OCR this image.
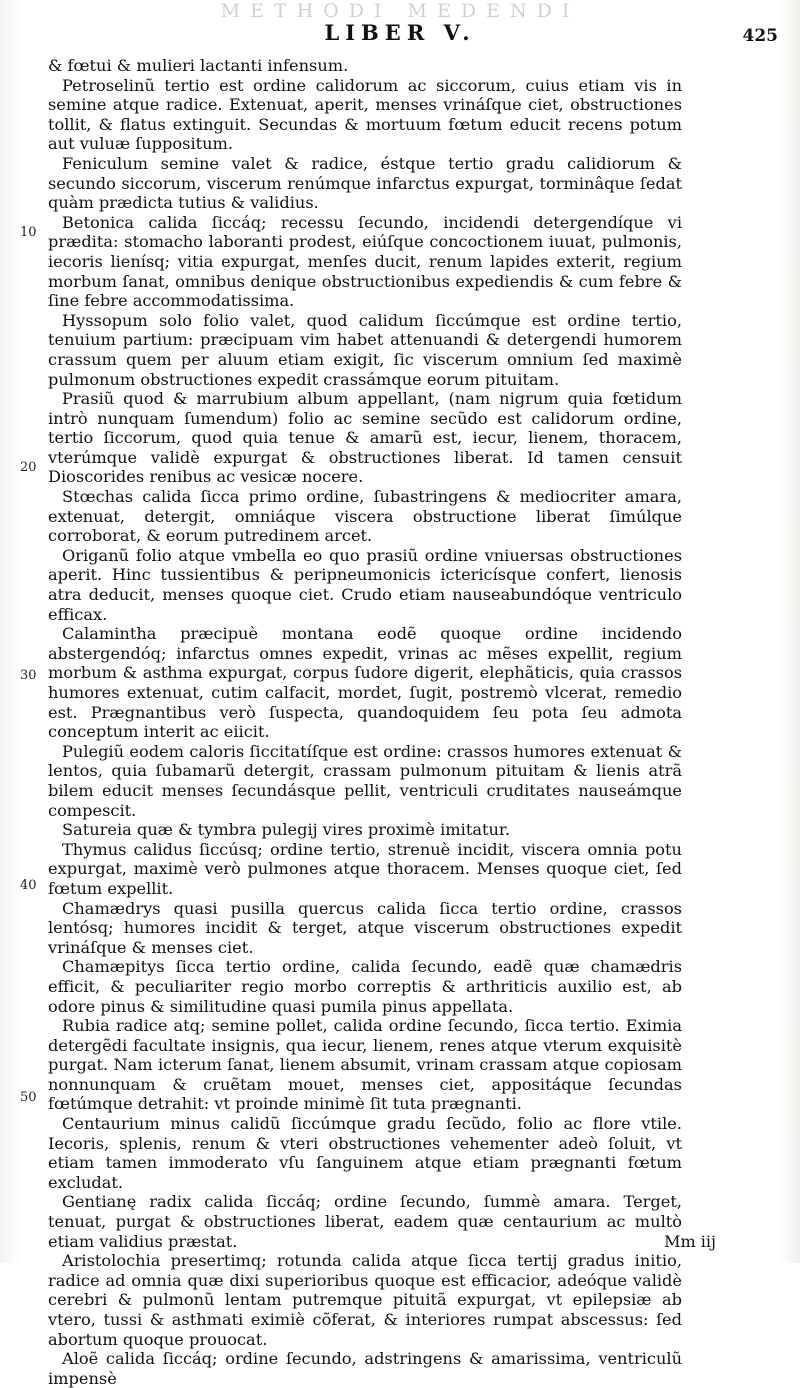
METHODI MEDENDI
LIBER V.	425
10
20
30
40
50

& fœtui & mulieri lactanti infensum.

Petroselinũ tertio est ordine calidorum ac siccorum, cuius etiam vis in semine atque radice. Extenuat, aperit, menses vrináſque ciet, obstructiones tollit, & flatus extinguit. Secundas & mortuum fœtum educit recens potum aut vuluæ ſuppositum.

Feniculum semine valet & radice, éstque tertio gradu calidiorum & secundo siccorum, viscerum renúmque infarctus expurgat, torminâque ſedat quàm prædicta tutius & validius.

Betonica calida ſiccáq; recessu ſecundo, incidendi detergendíque vi prædita: stomacho laboranti prodest, eiúſque concoctionem iuuat, pulmonis, iecoris lienísq; vitia expurgat, menſes ducit, renum lapides exterit, regium morbum ſanat, omnibus denique obstructionibus expediendis & cum febre & ſine febre accommodatissima.

Hyssopum solo folio valet, quod calidum ſiccúmque est ordine tertio, tenuium partium: præcipuam vim habet attenuandi & detergendi humorem crassum quem per aluum etiam exigit, ſic viscerum omnium ſed maximè pulmonum obstructiones expedit crassámque eorum pituitam.

Prasiũ quod & marrubium album appellant, (nam nigrum quia fœtidum intrò nunquam ſumendum) folio ac semine secũdo est calidorum ordine, tertio ſiccorum, quod quia tenue & amarũ est, iecur, lienem, thoracem, vterúmque validè expurgat & obstructiones liberat. Id tamen censuit Dioscorides renibus ac vesicæ nocere.

Stœchas calida ſicca primo ordine, ſubastringens & mediocriter amara, extenuat, detergit, omniáque viscera obstructione liberat ſimúlque corroborat, & eorum putredinem arcet.

Origanũ folio atque vmbella eo quo prasiũ ordine vniuersas obstructiones aperit. Hinc tussientibus & peripneumonicis ictericísque confert, lienosis atra deducit, menses quoque ciet. Crudo etiam nauseabundóque ventriculo efficax.

Calamintha præcipuè montana eodẽ quoque ordine incidendo abstergendóq; infarctus omnes expedit, vrinas ac mẽses expellit, regium morbum & asthma expurgat, corpus ſudore digerit, elephãticis, quia crassos humores extenuat, cutim calfacit, mordet, ſugit, postremò vlcerat, remedio est. Prægnantibus verò ſuspecta, quandoquidem ſeu pota ſeu admota conceptum interit ac eiicit.

Pulegiũ eodem caloris ſiccitatíſque est ordine: crassos humores extenuat & lentos, quia ſubamarũ detergit, crassam pulmonum pituitam & lienis atrã bilem educit menses ſecundásque pellit, ventriculi cruditates nauseámque compescit.

Satureia quæ & tymbra pulegij vires proximè imitatur.

Thymus calidus ſiccúsq; ordine tertio, strenuè incidit, viscera omnia potu expurgat, maximè verò pulmones atque thoracem. Menses quoque ciet, ſed fœtum expellit.

Chamædrys quasi pusilla quercus calida ſicca tertio ordine, crassos lentósq; humores incidit & terget, atque viscerum obstructiones expedit vrináſque & menses ciet.

Chamæpitys ſicca tertio ordine, calida ſecundo, eadẽ quæ chamædris efficit, & peculiariter regio morbo correptis & arthriticis auxilio est, ab odore pinus & similitudine quasi pumila pinus appellata.

Rubia radice atq; semine pollet, calida ordine ſecundo, ſicca tertio. Eximia detergẽdi facultate insignis, qua iecur, lienem, renes atque vterum exquisitè purgat. Nam icterum ſanat, lienem absumit, vrinam crassam atque copiosam nonnunquam & cruẽtam mouet, menses ciet, appositáque ſecundas fœtúmque detrahit: vt proinde minimè ſit tuta prægnanti.

Centaurium minus calidũ ſiccúmque gradu ſecũdo, folio ac flore vtile. Iecoris, splenis, renum & vteri obstructiones vehementer adeò ſoluit, vt etiam tamen immoderato vſu ſanguinem atque etiam prægnanti fœtum excludat.

Gentianę radix calida ſiccáq; ordine ſecundo, ſummè amara. Terget, tenuat, purgat & obstructiones liberat, eadem quæ centaurium ac multò etiam validius præstat.

Aristolochia presertimq; rotunda calida atque ſicca tertij gradus initio, radice ad omnia quæ dixi superioribus quoque est efficacior, adeóque validè cerebri & pulmonũ lentam putremque pituitã expurgat, vt epilepsiæ ab vtero, tussi & asthmati eximiè cõferat, & interiores rumpat abscessus: ſed abortum quoque prouocat.

Aloẽ calida ſiccáq; ordine ſecundo, adstringens & amarissima, ventriculũ impensè

Mm iij
